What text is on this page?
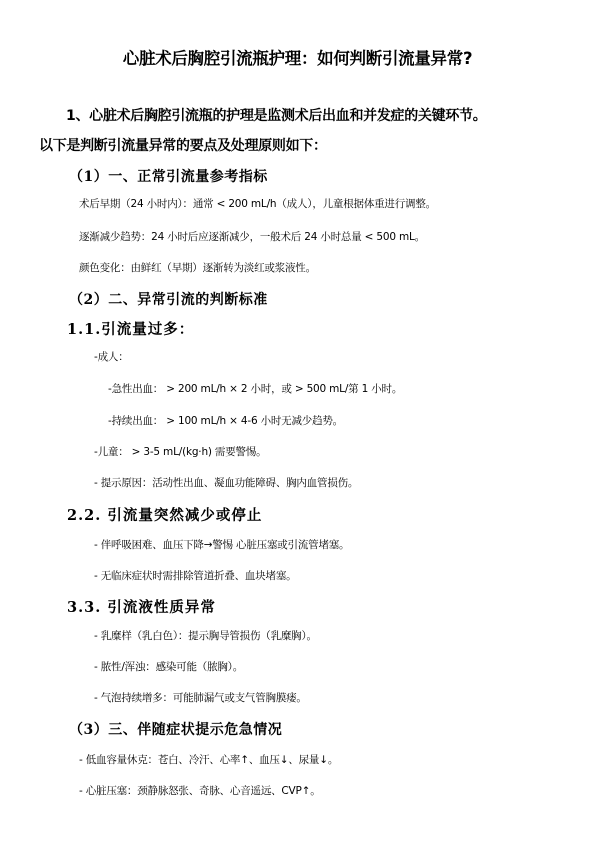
心脏术后胸腔引流瓶护理：如何判断引流量异常?

1、心脏术后胸腔引流瓶的护理是监测术后出血和并发症的关键环节。

以下是判断引流量异常的要点及处理原则如下：

（1）一、正常引流量参考指标

术后早期（24 小时内）：通常 < 200 mL/h（成人），儿童根据体重进行调整。

逐渐减少趋势：24 小时后应逐渐减少，一般术后 24 小时总量 < 500 mL。

颜色变化：由鲜红（早期）逐渐转为淡红或浆液性。

（2）二、异常引流的判断标准
1.1.引流量过多：

-成人：

-急性出血： > 200 mL/h × 2 小时，或 > 500 mL/第 1 小时。

-持续出血： > 100 mL/h × 4-6 小时无减少趋势。

-儿童： > 3-5 mL/(kg·h) 需要警惕。

- 提示原因：活动性出血、凝血功能障碍、胸内血管损伤。

2.2. 引流量突然减少或停止

- 伴呼吸困难、血压下降→警惕 心脏压塞或引流管堵塞。

- 无临床症状时需排除管道折叠、血块堵塞。

3.3. 引流液性质异常

- 乳糜样（乳白色）：提示胸导管损伤（乳糜胸）。

- 脓性/浑浊：感染可能（脓胸）。

- 气泡持续增多：可能肺漏气或支气管胸膜瘘。

（3）三、伴随症状提示危急情况

- 低血容量休克：苍白、冷汗、心率↑、血压↓、尿量↓。

- 心脏压塞：颈静脉怒张、奇脉、心音遥远、CVP↑。
